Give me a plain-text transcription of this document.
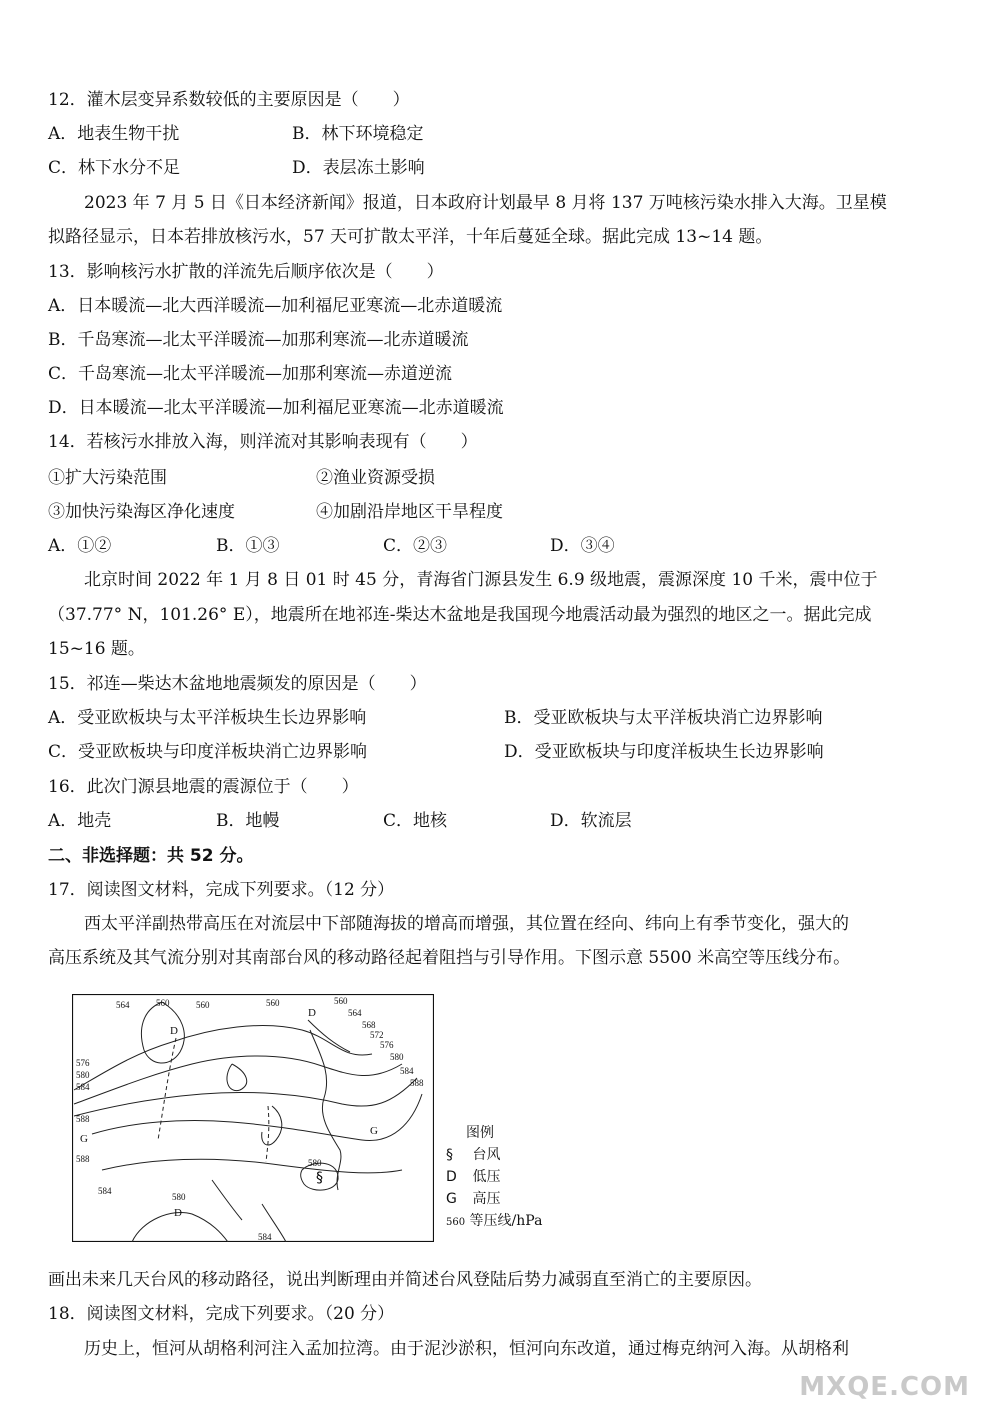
12．灌木层变异系数较低的主要原因是（　　）
A．地表生物干扰	B．林下环境稳定
C．林下水分不足	D．表层冻土影响
2023 年 7 月 5 日《日本经济新闻》报道，日本政府计划最早 8 月将 137 万吨核污染水排入大海。卫星模
拟路径显示，日本若排放核污水，57 天可扩散太平洋，十年后蔓延全球。据此完成 13~14 题。
13．影响核污水扩散的洋流先后顺序依次是（　　）
A．日本暖流—北大西洋暖流—加利福尼亚寒流—北赤道暖流
B．千岛寒流—北太平洋暖流—加那利寒流—北赤道暖流
C．千岛寒流—北太平洋暖流—加那利寒流—赤道逆流
D．日本暖流—北太平洋暖流—加利福尼亚寒流—北赤道暖流
14．若核污水排放入海，则洋流对其影响表现有（　　）
①扩大污染范围	②渔业资源受损
③加快污染海区净化速度	④加剧沿岸地区干旱程度
A．①②	B．①③	C．②③	D．③④
北京时间 2022 年 1 月 8 日 01 时 45 分，青海省门源县发生 6.9 级地震，震源深度 10 千米，震中位于
（37.77° N，101.26° E），地震所在地祁连-柴达木盆地是我国现今地震活动最为强烈的地区之一。据此完成
15~16 题。
15．祁连—柴达木盆地地震频发的原因是（　　）
A．受亚欧板块与太平洋板块生长边界影响	B．受亚欧板块与太平洋板块消亡边界影响
C．受亚欧板块与印度洋板块消亡边界影响	D．受亚欧板块与印度洋板块生长边界影响
16．此次门源县地震的震源位于（　　）
A．地壳	B．地幔	C．地核	D．软流层
二、非选择题：共 52 分。
17．阅读图文材料，完成下列要求。（12 分）
西太平洋副热带高压在对流层中下部随海拔的增高而增强，其位置在经向、纬向上有季节变化，强大的
高压系统及其气流分别对其南部台风的移动路径起着阻挡与引导作用。下图示意 5500 米高空等压线分布。
§
564	560	560	560	560
564
568
572
576
580
584
588
576
580
584
588
588
584
580
580
584
D
D
D
G
G	图例
§ 台风
D 低压
G 高压
560 等压线/hPa
画出未来几天台风的移动路径，说出判断理由并简述台风登陆后势力减弱直至消亡的主要原因。
18．阅读图文材料，完成下列要求。（20 分）
历史上，恒河从胡格利河注入孟加拉湾。由于泥沙淤积，恒河向东改道，通过梅克纳河入海。从胡格利
MXQE.COM
